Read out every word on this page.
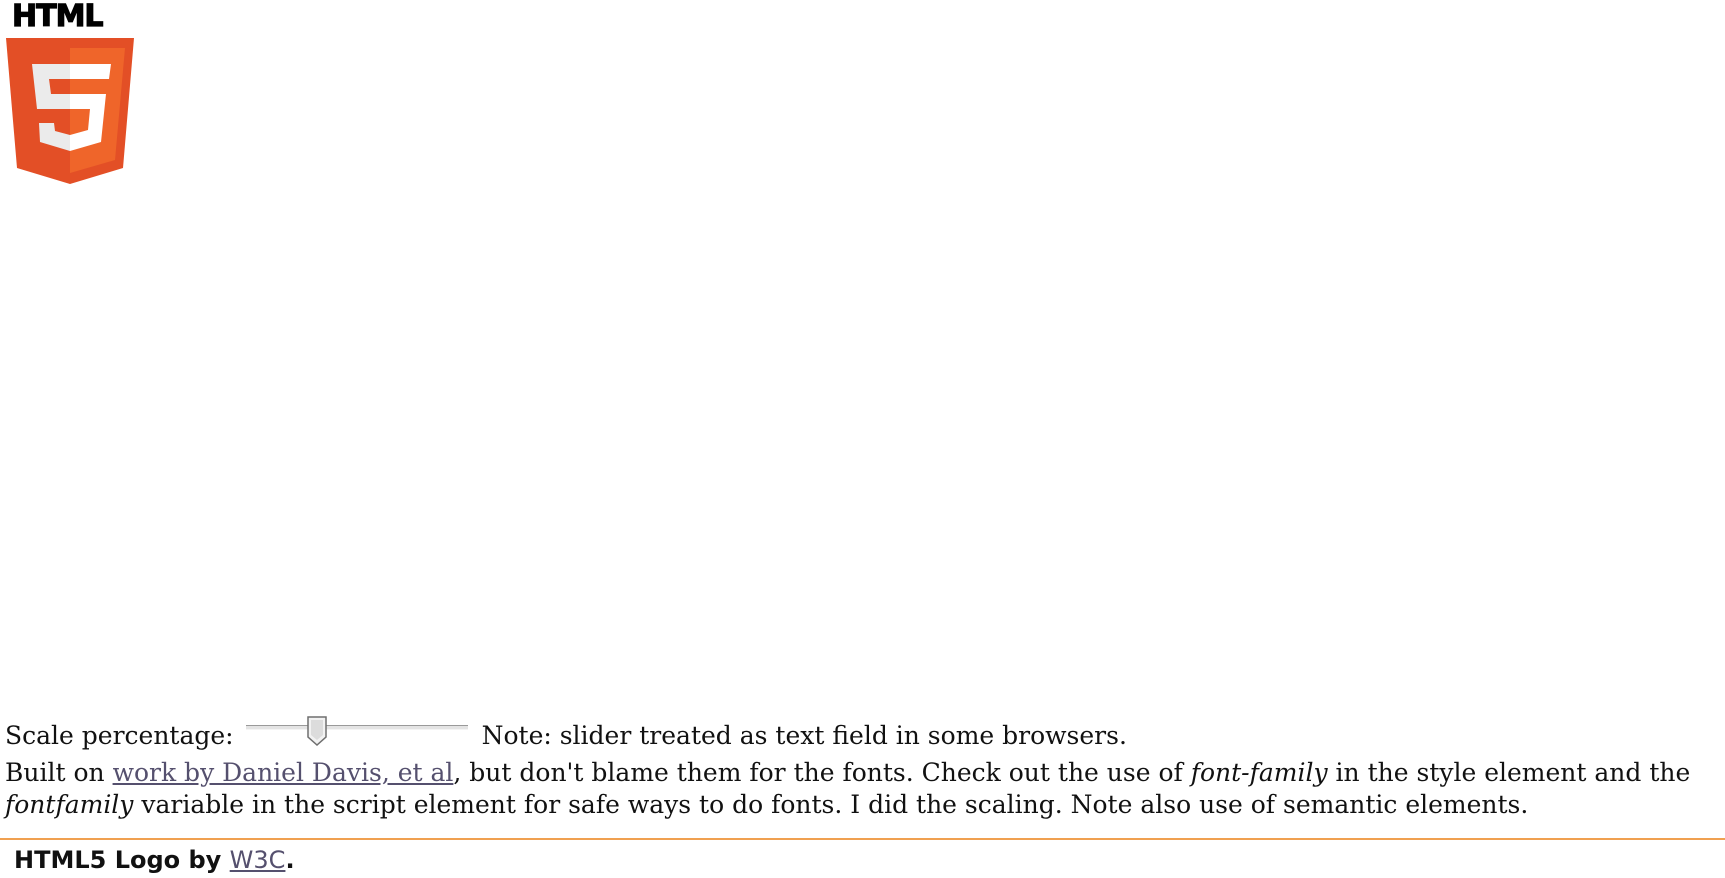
HTML
Scale percentage:	Note: slider treated as text field in some browsers.
Built on work by Daniel Davis, et al, but don't blame them for the fonts. Check out the use of font-family in the style element and the fontfamily variable in the script element for safe ways to do fonts. I did the scaling. Note also use of semantic elements.
HTML5 Logo by W3C.
